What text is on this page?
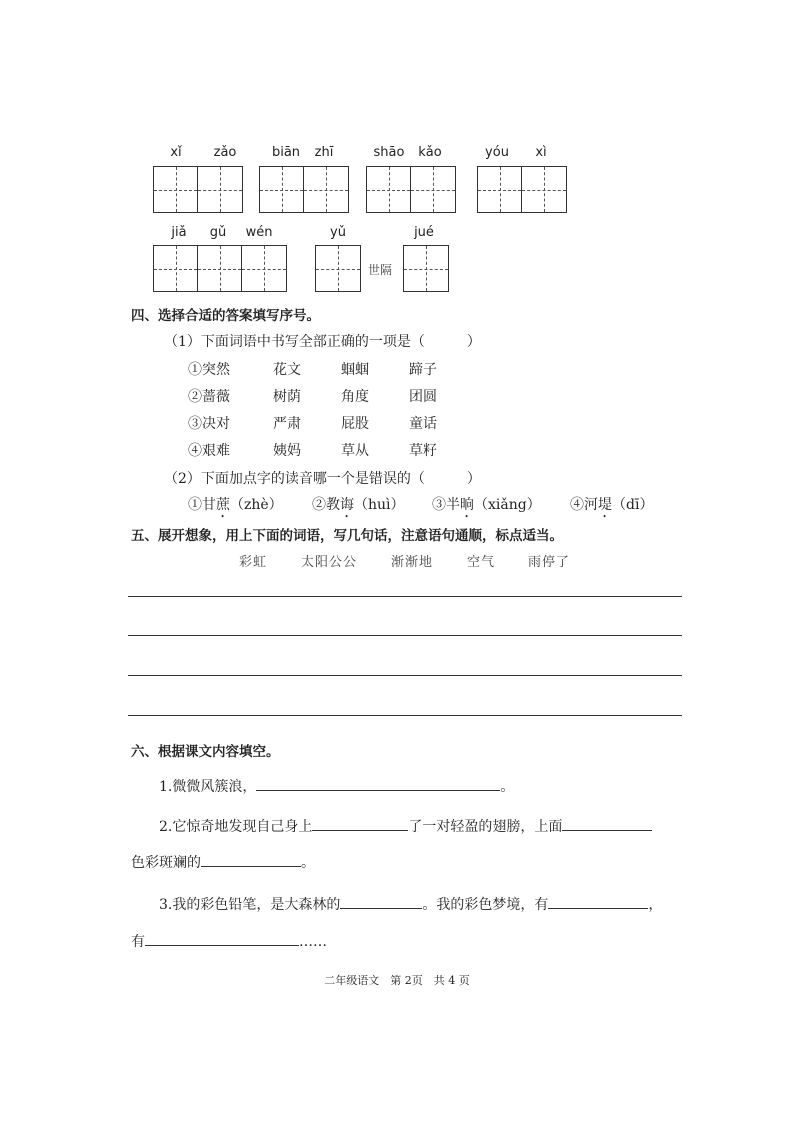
xǐ	zǎo	biān	zhī	shāo	kǎo	yóu	xì
jiǎ	gǔ wén	yǔ
世隔
jué
四、选择合适的答案填写序号。
（1）下面词语中书写全部正确的一项是（　　　）
①突然	花文	蝈蝈	蹄子
②蔷薇	树荫	角度	团圆
③决对	严肃	屁股	童话
④艰难	姨妈	草从	草籽
（2）下面加点字的读音哪一个是错误的（　　　）
①甘蔗（zhè） ②教诲（huì） ③半晌（xiǎng） ④河堤（dī）
五、展开想象，用上下面的词语，写几句话，注意语句通顺，标点适当。
彩虹	太阳公公	渐渐地	空气	雨停了
六、根据课文内容填空。
1.微微风簇浪，	。
2.它惊奇地发现自己身上	了一对轻盈的翅膀，上面
色彩斑斓的	。
3.我的彩色铅笔，是大森林的	。我的彩色梦境，有	，
有	……
二年级语文　第 2页　共 4 页
